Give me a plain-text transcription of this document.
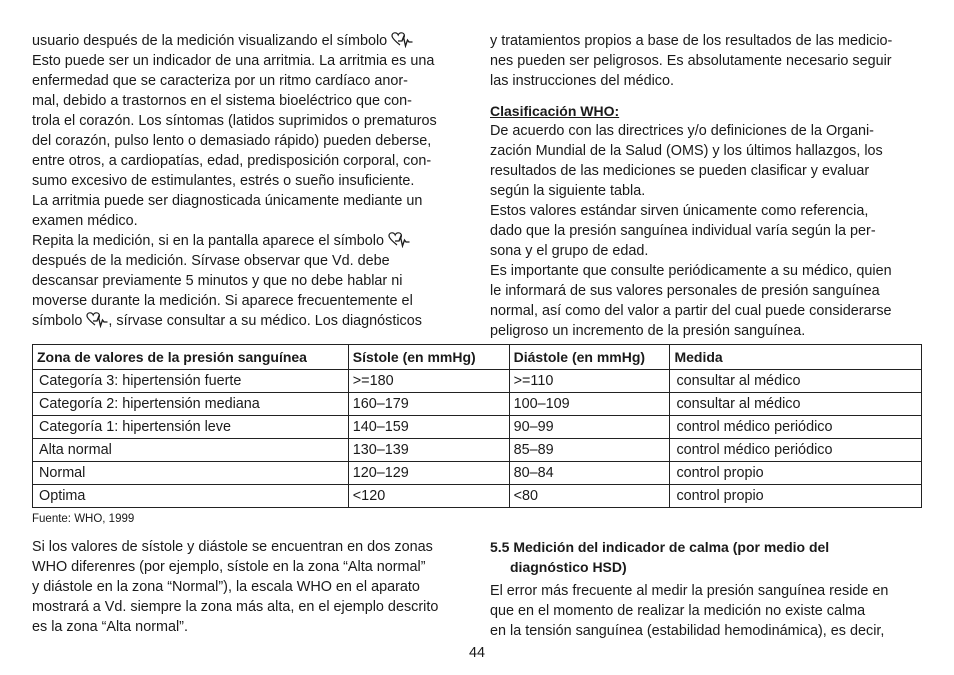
usuario después de la medición visualizando el símbolo
Esto puede ser un indicador de una arritmia. La arritmia es una
enfermedad que se caracteriza por un ritmo cardíaco anor-
mal, debido a trastornos en el sistema bioeléctrico que con-
trola el corazón. Los síntomas (latidos suprimidos o prematuros
del corazón, pulso lento o demasiado rápido) pueden deberse,
entre otros, a cardiopatías, edad, predisposición corporal, con-
sumo excesivo de estimulantes, estrés o sueño insuficiente.
La arritmia puede ser diagnosticada únicamente mediante un
examen médico.
Repita la medición, si en la pantalla aparece el símbolo
después de la medición. Sírvase observar que Vd. debe
descansar previamente 5 minutos y que no debe hablar ni
moverse durante la medición. Si aparece frecuentemente el
símbolo , sírvase consultar a su médico. Los diagnósticos
y tratamientos propios a base de los resultados de las medicio-
nes pueden ser peligrosos. Es absolutamente necesario seguir
las instrucciones del médico.
Clasificación WHO:
De acuerdo con las directrices y/o definiciones de la Organi-
zación Mundial de la Salud (OMS) y los últimos hallazgos, los
resultados de las mediciones se pueden clasificar y evaluar
según la siguiente tabla.
Estos valores estándar sirven únicamente como referencia,
dado que la presión sanguínea individual varía según la per-
sona y el grupo de edad.
Es importante que consulte periódicamente a su médico, quien
le informará de sus valores personales de presión sanguínea
normal, así como del valor a partir del cual puede considerarse
peligroso un incremento de la presión sanguínea.
Zona de valores de la presión sanguínea	Sístole (en mmHg)	Diástole (en mmHg)	Medida
Categoría 3: hipertensión fuerte	>=180	>=110	consultar al médico
Categoría 2: hipertensión mediana	160–179	100–109	consultar al médico
Categoría 1: hipertensión leve	140–159	90–99	control médico periódico
Alta normal	130–139	85–89	control médico periódico
Normal	120–129	80–84	control propio
Optima	<120	<80	control propio
Fuente: WHO, 1999
Si los valores de sístole y diástole se encuentran en dos zonas
WHO diferenres (por ejemplo, sístole en la zona “Alta normal”
y diástole en la zona “Normal”), la escala WHO en el aparato
mostrará a Vd. siempre la zona más alta, en el ejemplo descrito
es la zona “Alta normal”.
5.5 Medición del indicador de calma (por medio del
diagnóstico HSD)
El error más frecuente al medir la presión sanguínea reside en
que en el momento de realizar la medición no existe calma
en la tensión sanguínea (estabilidad hemodinámica), es decir,
44
